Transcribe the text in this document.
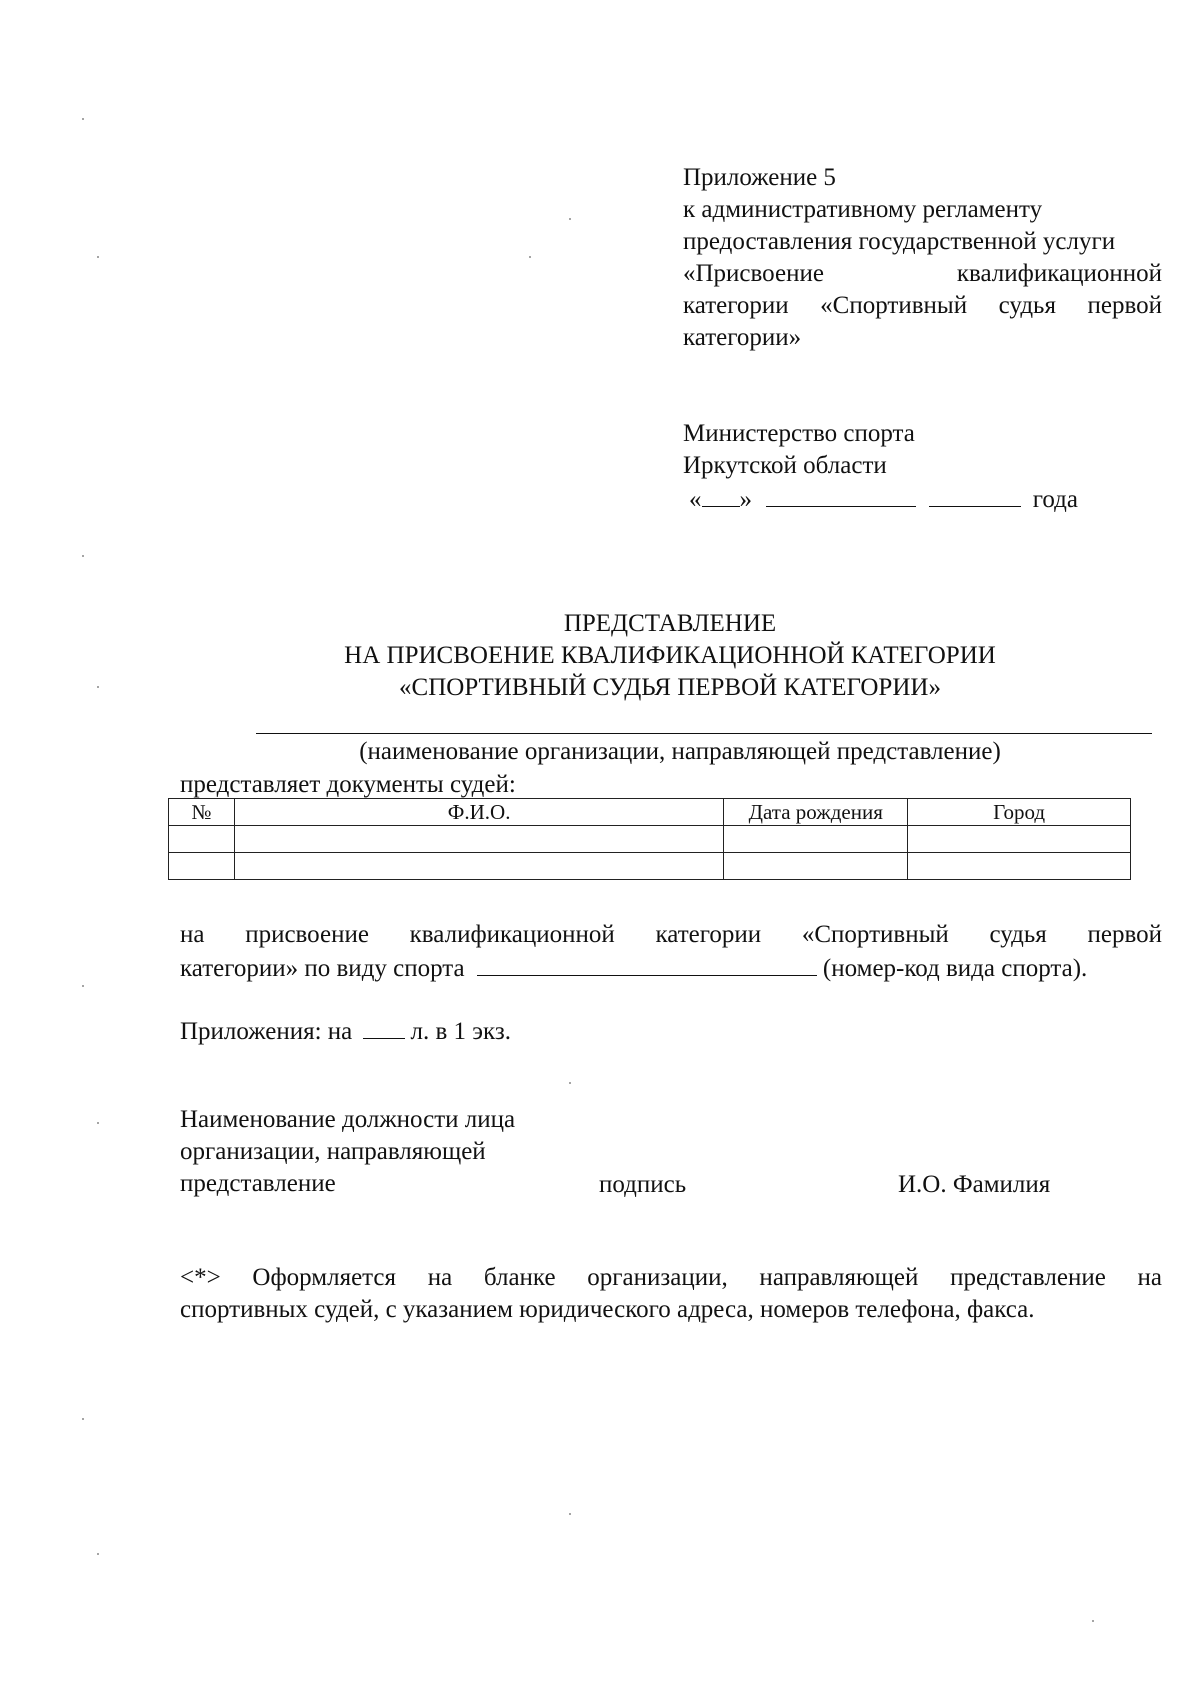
Приложение 5
к административному регламенту
предоставления государственной услуги
«Присвоение квалификационной
категории «Спортивный судья первой
категории»
Министерство спорта
Иркутской области
« »	года
ПРЕДСТАВЛЕНИЕ
НА ПРИСВОЕНИЕ КВАЛИФИКАЦИОННОЙ КАТЕГОРИИ
«СПОРТИВНЫЙ СУДЬЯ ПЕРВОЙ КАТЕГОРИИ»
(наименование организации, направляющей представление)
представляет документы судей:
№	Ф.И.О.	Дата рождения	Город

на присвоение квалификационной категории «Спортивный судья первой
категории» по виду спорта	(номер-код вида спорта).
Приложения: на л. в 1 экз.
Наименование должности лица
организации, направляющей
представление	подпись	И.О. Фамилия
<*> Оформляется на бланке организации, направляющей представление на
спортивных судей, с указанием юридического адреса, номеров телефона, факса.
